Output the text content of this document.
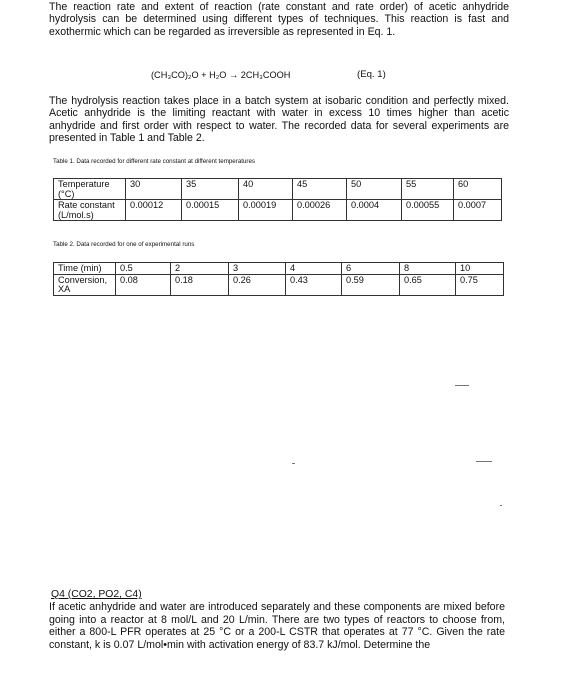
The reaction rate and extent of reaction (rate constant and rate order) of acetic anhydride hydrolysis can be determined using different types of techniques. This reaction is fast and exothermic which can be regarded as irreversible as represented in Eq. 1.
(CH₃CO)₂O + H₂O → 2CH₃COOH	(Eq. 1)
The hydrolysis reaction takes place in a batch system at isobaric condition and perfectly mixed. Acetic anhydride is the limiting reactant with water in excess 10 times higher than acetic anhydride and first order with respect to water. The recorded data for several experiments are presented in Table 1 and Table 2.
Table 1. Data recorded for different rate constant at different temperatures
Temperature (°C)	30	35	40	45	50	55	60
Rate constant (L/mol.s)	0.00012	0.00015	0.00019	0.00026	0.0004	0.00055	0.0007
Table 2. Data recorded for one of experimental runs
Time (min)	0.5	2	3	4	6	8	10
Conversion, XA	0.08	0.18	0.26	0.43	0.59	0.65	0.75
Q4 (CO2, PO2, C4)
If acetic anhydride and water are introduced separately and these components are mixed before going into a reactor at 8 mol/L and 20 L/min. There are two types of reactors to choose from, either a 800-L PFR operates at 25 °C or a 200-L CSTR that operates at 77 °C. Given the rate constant, k is 0.07 L/mol•min with activation energy of 83.7 kJ/mol. Determine the
